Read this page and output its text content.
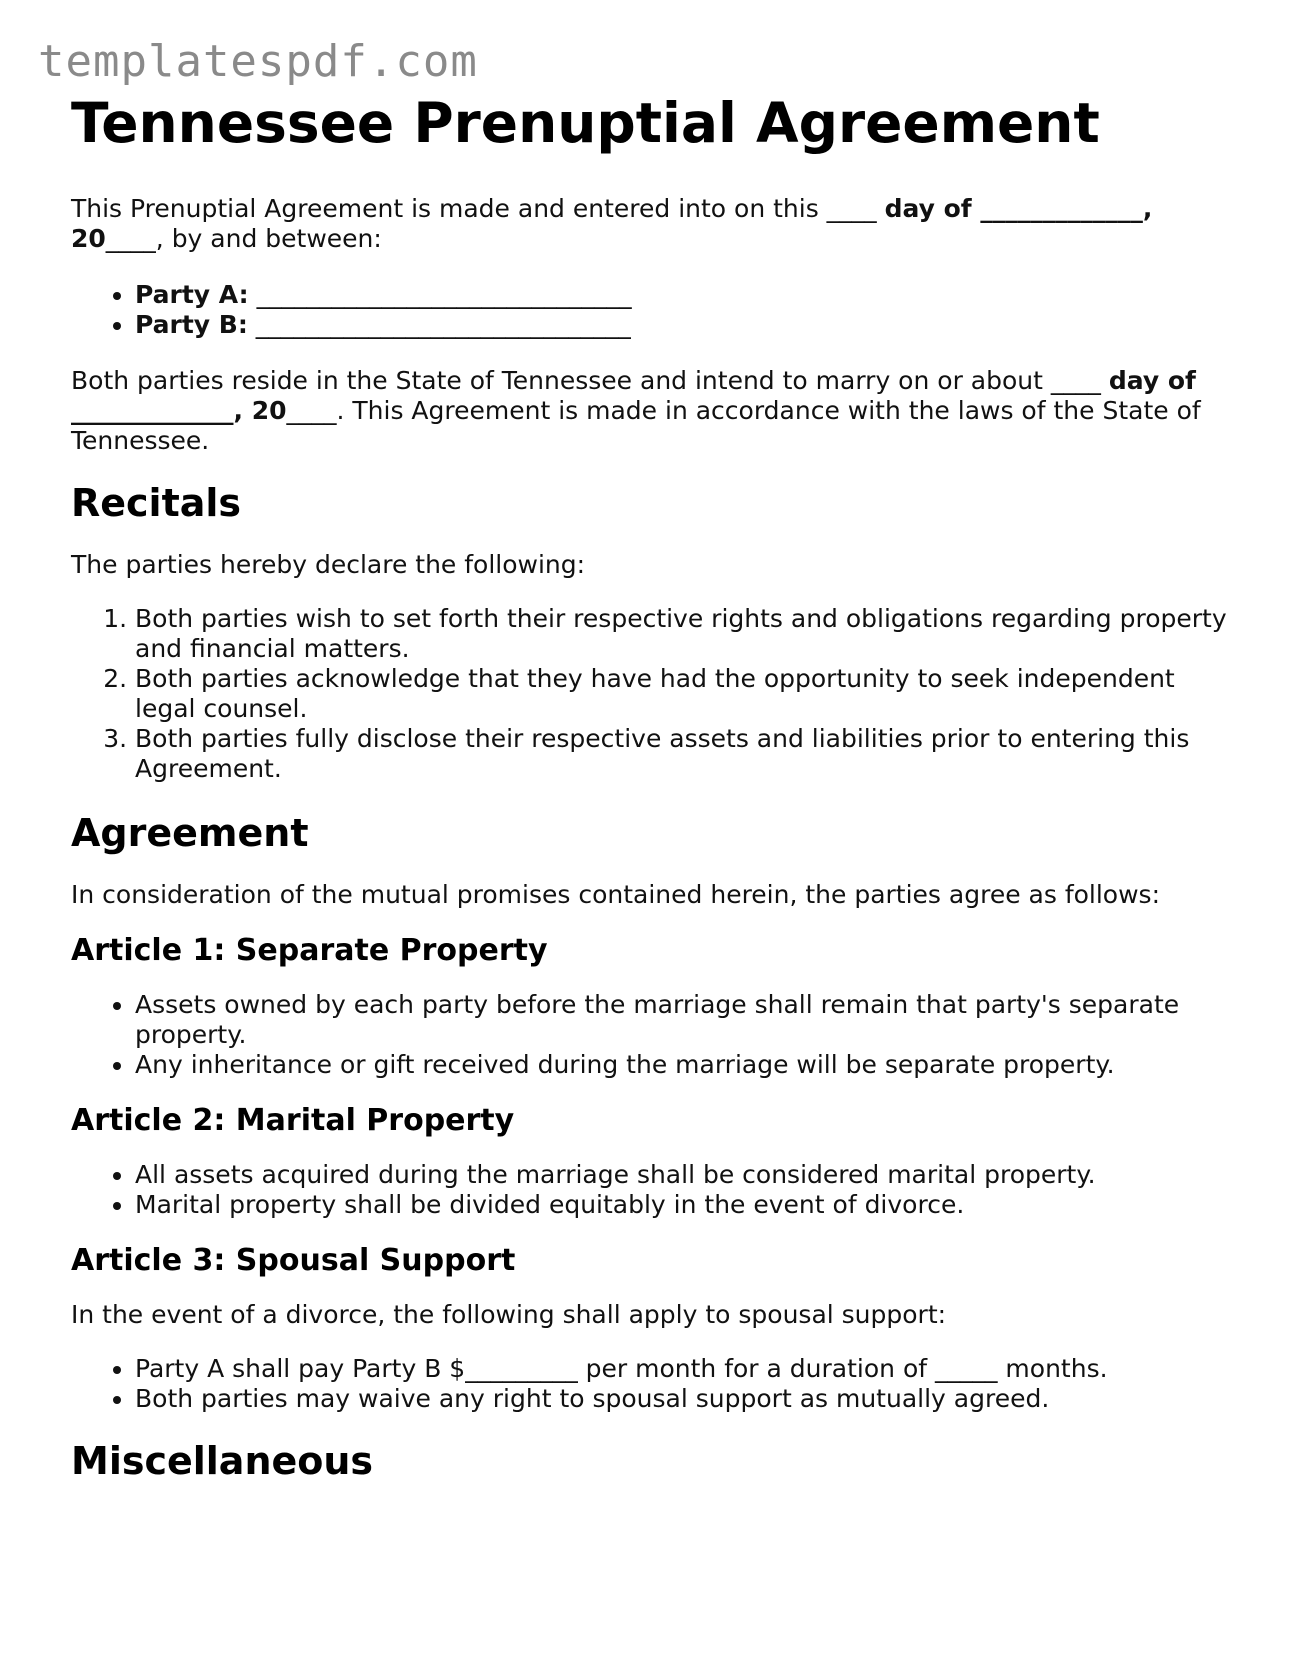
templatespdf.com
Tennessee Prenuptial Agreement

This Prenuptial Agreement is made and entered into on this ____ day of _____________, 20____, by and between:

• Party A: ______________________________
• Party B: ______________________________

Both parties reside in the State of Tennessee and intend to marry on or about ____ day of _____________, 20____. This Agreement is made in accordance with the laws of the State of Tennessee.

Recitals

The parties hereby declare the following:

1. Both parties wish to set forth their respective rights and obligations regarding property and financial matters.
2. Both parties acknowledge that they have had the opportunity to seek independent legal counsel.
3. Both parties fully disclose their respective assets and liabilities prior to entering this Agreement.
Agreement

In consideration of the mutual promises contained herein, the parties agree as follows:

Article 1: Separate Property
• Assets owned by each party before the marriage shall remain that party's separate property.
• Any inheritance or gift received during the marriage will be separate property.
Article 2: Marital Property
• All assets acquired during the marriage shall be considered marital property.
• Marital property shall be divided equitably in the event of divorce.
Article 3: Spousal Support

In the event of a divorce, the following shall apply to spousal support:

• Party A shall pay Party B $_________ per month for a duration of _____ months.
• Both parties may waive any right to spousal support as mutually agreed.
Miscellaneous
